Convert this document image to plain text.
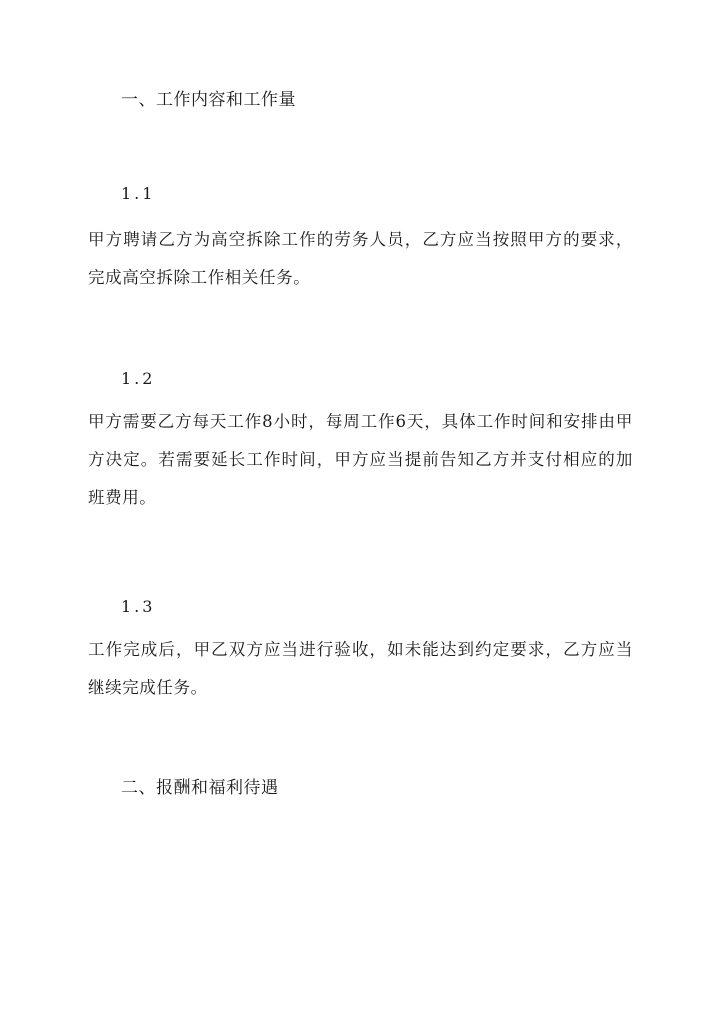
一、工作内容和工作量
1.1

甲方聘请乙方为高空拆除工作的劳务人员，乙方应当按照甲方的要求，完成高空拆除工作相关任务。

1.2

甲方需要乙方每天工作8小时，每周工作6天，具体工作时间和安排由甲方决定。若需要延长工作时间，甲方应当提前告知乙方并支付相应的加班费用。

1.3

工作完成后，甲乙双方应当进行验收，如未能达到约定要求，乙方应当继续完成任务。

二、报酬和福利待遇
